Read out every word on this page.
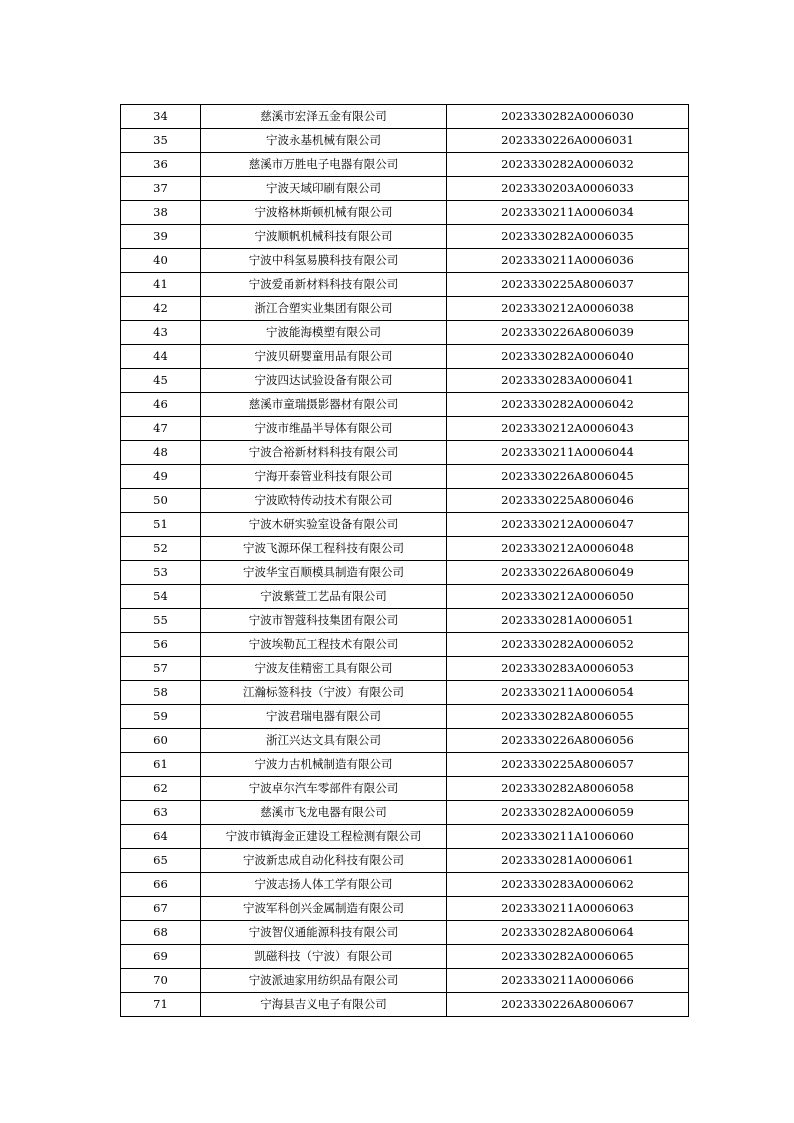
34	慈溪市宏泽五金有限公司	2023330282A0006030
35	宁波永基机械有限公司	2023330226A0006031
36	慈溪市万胜电子电器有限公司	2023330282A0006032
37	宁波天域印刷有限公司	2023330203A0006033
38	宁波格林斯顿机械有限公司	2023330211A0006034
39	宁波顺帆机械科技有限公司	2023330282A0006035
40	宁波中科氢易膜科技有限公司	2023330211A0006036
41	宁波爱甬新材料科技有限公司	2023330225A8006037
42	浙江合塑实业集团有限公司	2023330212A0006038
43	宁波能海模塑有限公司	2023330226A8006039
44	宁波贝研婴童用品有限公司	2023330282A0006040
45	宁波四达试验设备有限公司	2023330283A0006041
46	慈溪市童瑞摄影器材有限公司	2023330282A0006042
47	宁波市维晶半导体有限公司	2023330212A0006043
48	宁波合裕新材料科技有限公司	2023330211A0006044
49	宁海开泰管业科技有限公司	2023330226A8006045
50	宁波欧特传动技术有限公司	2023330225A8006046
51	宁波木研实验室设备有限公司	2023330212A0006047
52	宁波飞源环保工程科技有限公司	2023330212A0006048
53	宁波华宝百顺模具制造有限公司	2023330226A8006049
54	宁波紫萱工艺品有限公司	2023330212A0006050
55	宁波市智蔻科技集团有限公司	2023330281A0006051
56	宁波埃勒瓦工程技术有限公司	2023330282A0006052
57	宁波友佳精密工具有限公司	2023330283A0006053
58	江瀚标签科技（宁波）有限公司	2023330211A0006054
59	宁波君瑞电器有限公司	2023330282A8006055
60	浙江兴达文具有限公司	2023330226A8006056
61	宁波力古机械制造有限公司	2023330225A8006057
62	宁波卓尔汽车零部件有限公司	2023330282A8006058
63	慈溪市飞龙电器有限公司	2023330282A0006059
64	宁波市镇海金正建设工程检测有限公司	2023330211A1006060
65	宁波新忠成自动化科技有限公司	2023330281A0006061
66	宁波志扬人体工学有限公司	2023330283A0006062
67	宁波军科创兴金属制造有限公司	2023330211A0006063
68	宁波智仪通能源科技有限公司	2023330282A8006064
69	凯磁科技（宁波）有限公司	2023330282A0006065
70	宁波派迪家用纺织品有限公司	2023330211A0006066
71	宁海县吉义电子有限公司	2023330226A8006067
